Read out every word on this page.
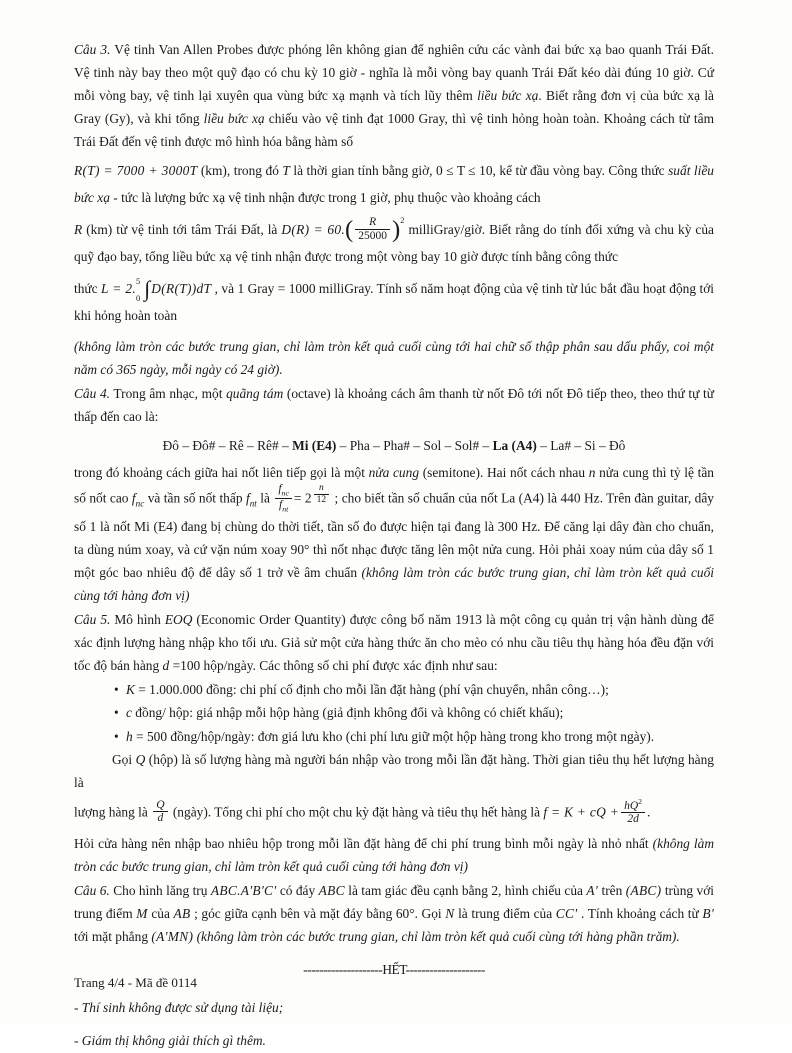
Câu 3. Vệ tinh Van Allen Probes được phóng lên không gian để nghiên cứu các vành đai bức xạ bao quanh Trái Đất. Vệ tinh này bay theo một quỹ đạo có chu kỳ 10 giờ - nghĩa là mỗi vòng bay quanh Trái Đất kéo dài đúng 10 giờ. Cứ mỗi vòng bay, vệ tinh lại xuyên qua vùng bức xạ mạnh và tích lũy thêm liều bức xạ. Biết rằng đơn vị của bức xạ là Gray (Gy), và khi tổng liều bức xạ chiếu vào vệ tinh đạt 1000 Gray, thì vệ tinh hỏng hoàn toàn. Khoảng cách từ tâm Trái Đất đến vệ tinh được mô hình hóa bằng hàm số

R(T) = 7000 + 3000T (km), trong đó T là thời gian tính bằng giờ, 0 ≤ T ≤ 10, kể từ đầu vòng bay. Công thức suất liều bức xạ - tức là lượng bức xạ vệ tinh nhận được trong 1 giờ, phụ thuộc vào khoảng cách

R (km) từ vệ tinh tới tâm Trái Đất, là $D(R) = 60.( \frac{R}{25000} )^2$ milliGray/giờ. Biết rằng do tính đối xứng và chu kỳ của quỹ đạo bay, tổng liều bức xạ vệ tinh nhận được trong một vòng bay 10 giờ được tính bằng công thức

thức L = 2.
5
0 ∫D(R(T))dT , và 1 Gray = 1000 milliGray. Tính số năm hoạt động của vệ tinh từ lúc bắt đầu hoạt động tới khi hỏng hoàn toàn

(không làm tròn các bước trung gian, chỉ làm tròn kết quả cuối cùng tới hai chữ số thập phân sau dấu phẩy, coi một năm có 365 ngày, mỗi ngày có 24 giờ).

Câu 4. Trong âm nhạc, một quãng tám (octave) là khoảng cách âm thanh từ nốt Đô tới nốt Đô tiếp theo, theo thứ tự từ thấp đến cao là:

Đô – Đô# – Rê – Rê# – Mi (E4) – Pha – Pha# – Sol – Sol# – La (A4) – La# – Si – Đô

trong đó khoảng cách giữa hai nốt liên tiếp gọi là một nửa cung (semitone). Hai nốt cách nhau n nửa cung thì tỷ lệ tần số nốt cao $f_{nc}$ và tần số nốt thấp $f_{nt}$ là $\frac{f_{nc}}{f_{nt}} = 2 \frac{n}{12}$ ; cho biết tần số chuẩn của nốt La (A4) là 440 Hz. Trên đàn guitar, dây số 1 là nốt Mi (E4) đang bị chùng do thời tiết, tần số đo được hiện tại đang là 300 Hz. Để căng lại dây đàn cho chuẩn, ta dùng núm xoay, và cứ vặn núm xoay 90° thì nốt nhạc được tăng lên một nửa cung. Hỏi phải xoay núm của dây số 1 một góc bao nhiêu độ để dây số 1 trở về âm chuẩn (không làm tròn các bước trung gian, chỉ làm tròn kết quả cuối cùng tới hàng đơn vị)

Câu 5. Mô hình EOQ (Economic Order Quantity) được công bố năm 1913 là một công cụ quản trị vận hành dùng để xác định lượng hàng nhập kho tối ưu. Giả sử một cửa hàng thức ăn cho mèo có nhu cầu tiêu thụ hàng hóa đều đặn với tốc độ bán hàng d =100 hộp/ngày. Các thông số chi phí được xác định như sau:

• K = 1.000.000 đồng: chi phí cố định cho mỗi lần đặt hàng (phí vận chuyển, nhân công…);
• c đồng/ hộp: giá nhập mỗi hộp hàng (giả định không đổi và không có chiết khấu);
• h = 500 đồng/hộp/ngày: đơn giá lưu kho (chi phí lưu giữ một hộp hàng trong kho trong một ngày).

Gọi Q (hộp) là số lượng hàng mà người bán nhập vào trong mỗi lần đặt hàng. Thời gian tiêu thụ hết lượng hàng là

lượng hàng là $\frac{Q}{d}$ (ngày). Tổng chi phí cho một chu kỳ đặt hàng và tiêu thụ hết hàng là f = K + cQ + $\frac{hQ^2}{2d}$ .

Hỏi cửa hàng nên nhập bao nhiêu hộp trong mỗi lần đặt hàng để chi phí trung bình mỗi ngày là nhỏ nhất (không làm tròn các bước trung gian, chỉ làm tròn kết quả cuối cùng tới hàng đơn vị)

Câu 6. Cho hình lăng trụ ABC.A'B'C' có đáy ABC là tam giác đều cạnh bằng 2, hình chiếu của A' trên (ABC) trùng với trung điểm M của AB ; góc giữa cạnh bên và mặt đáy bằng 60°. Gọi N là trung điểm của CC' . Tính khoảng cách từ B' tới mặt phẳng (A'MN) (không làm tròn các bước trung gian, chỉ làm tròn kết quả cuối cùng tới hàng phần trăm).

--------------------HẾT--------------------

- Thí sinh không được sử dụng tài liệu;

- Giám thị không giải thích gì thêm.

Trang 4/4 - Mã đề 0114
